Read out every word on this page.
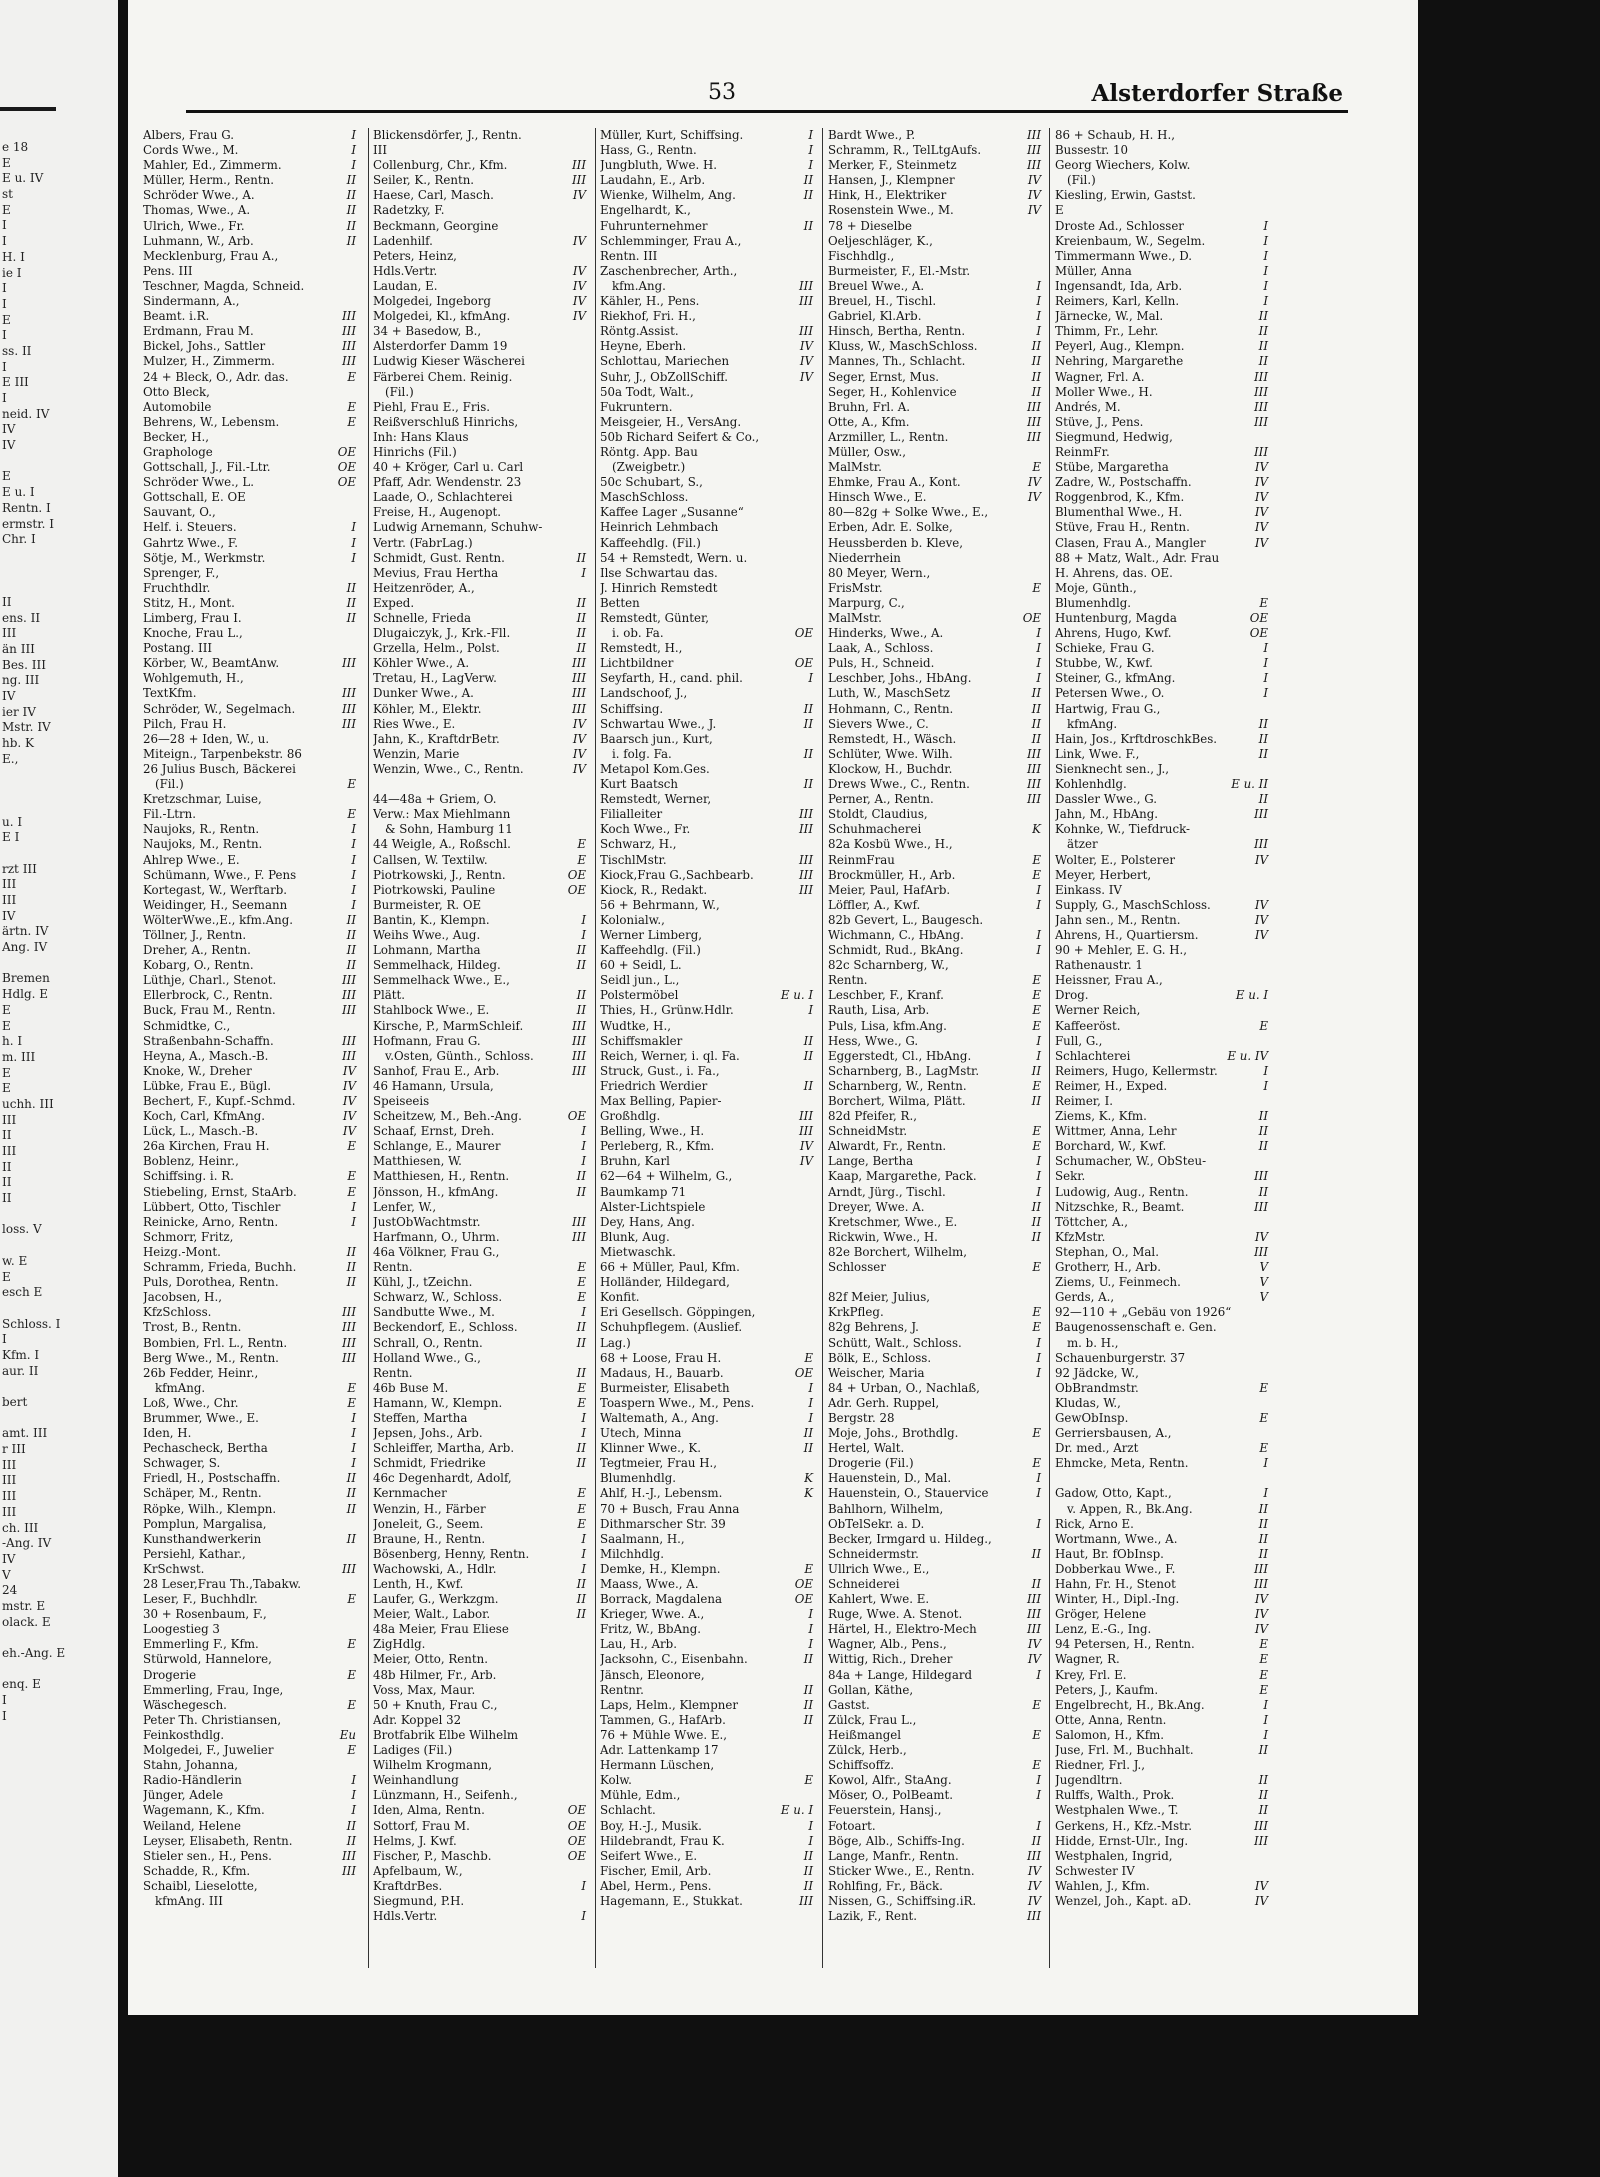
e 18
E
E u. IV
st
E
I
I
H. I
ie I
I
I
E
I
ss. II
I
E III
I
neid. IV
IV
IV
E
E u. I
Rentn. I
ermstr. I
Chr. I
II
ens. II
III
än III
Bes. III
ng. III
IV
ier IV
Mstr. IV
hb. K
E.,
u. I
E I
rzt III
III
III
IV
ärtn. IV
Ang. IV
Bremen
Hdlg. E
E
E
h. I
m. III
E
E
uchh. III
III
II
III
II
II
II
loss. V
w. E
E
esch E
Schloss. I
I
Kfm. I
aur. II
bert
amt. III
r III
III
III
III
III
ch. III
-Ang. IV
IV
V
24
mstr. E
olack. E
eh.-Ang. E
enq. E
I
I
53	Alsterdorfer Straße
Albers, Frau G.	I
Cords Wwe., M.	I
Mahler, Ed., Zimmerm.	I
Müller, Herm., Rentn.	II
Schröder Wwe., A.	II
Thomas, Wwe., A.	II
Ulrich, Wwe., Fr.	II
Luhmann, W., Arb.	II
Mecklenburg, Frau A.,
Pens. III
Teschner, Magda, Schneid.
Sindermann, A.,
Beamt. i.R.	III
Erdmann, Frau M.	III
Bickel, Johs., Sattler	III
Mulzer, H., Zimmerm.	III
24 + Bleck, O., Adr. das.	E
Otto Bleck,
Automobile	E
Behrens, W., Lebensm.	E
Becker, H.,
Graphologe	OE
Gottschall, J., Fil.-Ltr.	OE
Schröder Wwe., L.	OE
Gottschall, E. OE
Sauvant, O.,
Helf. i. Steuers.	I
Gahrtz Wwe., F.	I
Sötje, M., Werkmstr.	I
Sprenger, F.,
Fruchthdlr.	II
Stitz, H., Mont.	II
Limberg, Frau I.	II
Knoche, Frau L.,
Postang. III
Körber, W., BeamtAnw.	III
Wohlgemuth, H.,
TextKfm.	III
Schröder, W., Segelmach.	III
Pilch, Frau H.	III
26—28 + Iden, W., u.
Miteign., Tarpenbekstr. 86
26 Julius Busch, Bäckerei
(Fil.)	E
Kretzschmar, Luise,
Fil.-Ltrn.	E
Naujoks, R., Rentn.	I
Naujoks, M., Rentn.	I
Ahlrep Wwe., E.	I
Schümann, Wwe., F. Pens	I
Kortegast, W., Werftarb.	I
Weidinger, H., Seemann	I
WölterWwe.,E., kfm.Ang.	II
Töllner, J., Rentn.	II
Dreher, A., Rentn.	II
Kobarg, O., Rentn.	II
Lüthje, Charl., Stenot.	III
Ellerbrock, C., Rentn.	III
Buck, Frau M., Rentn.	III
Schmidtke, C.,
Straßenbahn-Schaffn.	III
Heyna, A., Masch.-B.	III
Knoke, W., Dreher	IV
Lübke, Frau E., Bügl.	IV
Bechert, F., Kupf.-Schmd.	IV
Koch, Carl, KfmAng.	IV
Lück, L., Masch.-B.	IV
26a Kirchen, Frau H.	E
Boblenz, Heinr.,
Schiffsing. i. R.	E
Stiebeling, Ernst, StaArb.	E
Lübbert, Otto, Tischler	I
Reinicke, Arno, Rentn.	I
Schmorr, Fritz,
Heizg.-Mont.	II
Schramm, Frieda, Buchh.	II
Puls, Dorothea, Rentn.	II
Jacobsen, H.,
KfzSchloss.	III
Trost, B., Rentn.	III
Bombien, Frl. L., Rentn.	III
Berg Wwe., M., Rentn.	III
26b Fedder, Heinr.,
kfmAng.	E
Loß, Wwe., Chr.	E
Brummer, Wwe., E.	I
Iden, H.	I
Pechascheck, Bertha	I
Schwager, S.	I
Friedl, H., Postschaffn.	II
Schäper, M., Rentn.	II
Röpke, Wilh., Klempn.	II
Pomplun, Margalisa,
Kunsthandwerkerin	II
Persiehl, Kathar.,
KrSchwst.	III
28 Leser,Frau Th.,Tabakw.
Leser, F., Buchhdlr.	E
30 + Rosenbaum, F.,
Loogestieg 3
Emmerling F., Kfm.	E
Stürwold, Hannelore,
Drogerie	E
Emmerling, Frau, Inge,
Wäschegesch.	E
Peter Th. Christiansen,
Feinkosthdlg.	Eu
Molgedei, F., Juwelier	E
Stahn, Johanna,
Radio-Händlerin	I
Jünger, Adele	I
Wagemann, K., Kfm.	I
Weiland, Helene	II
Leyser, Elisabeth, Rentn.	II
Stieler sen., H., Pens.	III
Schadde, R., Kfm.	III
Schaibl, Lieselotte,
kfmAng. III
Blickensdörfer, J., Rentn.
III
Collenburg, Chr., Kfm.	III
Seiler, K., Rentn.	III
Haese, Carl, Masch.	IV
Radetzky, F.
Beckmann, Georgine
Ladenhilf.	IV
Peters, Heinz,
Hdls.Vertr.	IV
Laudan, E.	IV
Molgedei, Ingeborg	IV
Molgedei, Kl., kfmAng.	IV
34 + Basedow, B.,
Alsterdorfer Damm 19
Ludwig Kieser Wäscherei
Färberei Chem. Reinig.
(Fil.)
Piehl, Frau E., Fris.
Reißverschluß Hinrichs,
Inh: Hans Klaus
Hinrichs (Fil.)
40 + Kröger, Carl u. Carl
Pfaff, Adr. Wendenstr. 23
Laade, O., Schlachterei
Freise, H., Augenopt.
Ludwig Arnemann, Schuhw-
Vertr. (FabrLag.)
Schmidt, Gust. Rentn.	II
Mevius, Frau Hertha	I
Heitzenröder, A.,
Exped.	II
Schnelle, Frieda	II
Dlugaiczyk, J., Krk.-Fll.	II
Grzella, Helm., Polst.	II
Köhler Wwe., A.	III
Tretau, H., LagVerw.	III
Dunker Wwe., A.	III
Köhler, M., Elektr.	III
Ries Wwe., E.	IV
Jahn, K., KraftdrBetr.	IV
Wenzin, Marie	IV
Wenzin, Wwe., C., Rentn.	IV
44—48a + Griem, O.
Verw.: Max Miehlmann
& Sohn, Hamburg 11
44 Weigle, A., Roßschl.	E
Callsen, W. Textilw.	E
Piotrkowski, J., Rentn.	OE
Piotrkowski, Pauline	OE
Burmeister, R. OE
Bantin, K., Klempn.	I
Weihs Wwe., Aug.	I
Lohmann, Martha	II
Semmelhack, Hildeg.	II
Semmelhack Wwe., E.,
Plätt.	II
Stahlbock Wwe., E.	II
Kirsche, P., MarmSchleif.	III
Hofmann, Frau G.	III
v.Osten, Günth., Schloss.	III
Sanhof, Frau E., Arb.	III
46 Hamann, Ursula,
Speiseeis
Scheitzew, M., Beh.-Ang.	OE
Schaaf, Ernst, Dreh.	I
Schlange, E., Maurer	I
Matthiesen, W.	I
Matthiesen, H., Rentn.	II
Jönsson, H., kfmAng.	II
Lenfer, W.,
JustObWachtmstr.	III
Harfmann, O., Uhrm.	III
46a Völkner, Frau G.,
Rentn.	E
Kühl, J., tZeichn.	E
Schwarz, W., Schloss.	E
Sandbutte Wwe., M.	I
Beckendorf, E., Schloss.	II
Schrall, O., Rentn.	II
Holland Wwe., G.,
Rentn.	II
46b Buse M.	E
Hamann, W., Klempn.	E
Steffen, Martha	I
Jepsen, Johs., Arb.	I
Schleiffer, Martha, Arb.	II
Schmidt, Friedrike	II
46c Degenhardt, Adolf,
Kernmacher	E
Wenzin, H., Färber	E
Joneleit, G., Seem.	E
Braune, H., Rentn.	I
Bösenberg, Henny, Rentn.	I
Wachowski, A., Hdlr.	I
Lenth, H., Kwf.	II
Laufer, G., Werkzgm.	II
Meier, Walt., Labor.	II
48a Meier, Frau Eliese
ZigHdlg.
Meier, Otto, Rentn.
48b Hilmer, Fr., Arb.
Voss, Max, Maur.
50 + Knuth, Frau C.,
Adr. Koppel 32
Brotfabrik Elbe Wilhelm
Ladiges (Fil.)
Wilhelm Krogmann,
Weinhandlung
Lünzmann, H., Seifenh.,
Iden, Alma, Rentn.	OE
Sottorf, Frau M.	OE
Helms, J. Kwf.	OE
Fischer, P., Maschb.	OE
Apfelbaum, W.,
KraftdrBes.	I
Siegmund, P.H.
Hdls.Vertr.	I
Müller, Kurt, Schiffsing.	I
Hass, G., Rentn.	I
Jungbluth, Wwe. H.	I
Laudahn, E., Arb.	II
Wienke, Wilhelm, Ang.	II
Engelhardt, K.,
Fuhrunternehmer	II
Schlemminger, Frau A.,
Rentn. III
Zaschenbrecher, Arth.,
kfm.Ang.	III
Kähler, H., Pens.	III
Riekhof, Fri. H.,
Röntg.Assist.	III
Heyne, Eberh.	IV
Schlottau, Mariechen	IV
Suhr, J., ObZollSchiff.	IV
50a Todt, Walt.,
Fukruntern.
Meisgeier, H., VersAng.
50b Richard Seifert & Co.,
Röntg. App. Bau
(Zweigbetr.)
50c Schubart, S.,
MaschSchloss.
Kaffee Lager „Susanne“
Heinrich Lehmbach
Kaffeehdlg. (Fil.)
54 + Remstedt, Wern. u.
Ilse Schwartau das.
J. Hinrich Remstedt
Betten
Remstedt, Günter,
i. ob. Fa.	OE
Remstedt, H.,
Lichtbildner	OE
Seyfarth, H., cand. phil.	I
Landschoof, J.,
Schiffsing.	II
Schwartau Wwe., J.	II
Baarsch jun., Kurt,
i. folg. Fa.	II
Metapol Kom.Ges.
Kurt Baatsch	II
Remstedt, Werner,
Filialleiter	III
Koch Wwe., Fr.	III
Schwarz, H.,
TischlMstr.	III
Kiock,Frau G.,Sachbearb.	III
Kiock, R., Redakt.	III
56 + Behrmann, W.,
Kolonialw.,
Werner Limberg,
Kaffeehdlg. (Fil.)
60 + Seidl, L.
Seidl jun., L.,
Polstermöbel	E u. I
Thies, H., Grünw.Hdlr.	I
Wudtke, H.,
Schiffsmakler	II
Reich, Werner, i. ql. Fa.	II
Struck, Gust., i. Fa.,
Friedrich Werdier	II
Max Belling, Papier-
Großhdlg.	III
Belling, Wwe., H.	III
Perleberg, R., Kfm.	IV
Bruhn, Karl	IV
62—64 + Wilhelm, G.,
Baumkamp 71
Alster-Lichtspiele
Dey, Hans, Ang.
Blunk, Aug.
Mietwaschk.
66 + Müller, Paul, Kfm.
Holländer, Hildegard,
Konfit.
Eri Gesellsch. Göppingen,
Schuhpflegem. (Auslief.
Lag.)
68 + Loose, Frau H.	E
Madaus, H., Bauarb.	OE
Burmeister, Elisabeth	I
Toaspern Wwe., M., Pens.	I
Waltemath, A., Ang.	I
Utech, Minna	II
Klinner Wwe., K.	II
Tegtmeier, Frau H.,
Blumenhdlg.	K
Ahlf, H.-J., Lebensm.	K
70 + Busch, Frau Anna
Dithmarscher Str. 39
Saalmann, H.,
Milchhdlg.
Demke, H., Klempn.	E
Maass, Wwe., A.	OE
Borrack, Magdalena	OE
Krieger, Wwe. A.,	I
Fritz, W., BbAng.	I
Lau, H., Arb.	I
Jacksohn, C., Eisenbahn.	II
Jänsch, Eleonore,
Rentnr.	II
Laps, Helm., Klempner	II
Tammen, G., HafArb.	II
76 + Mühle Wwe. E.,
Adr. Lattenkamp 17
Hermann Lüschen,
Kolw.	E
Mühle, Edm.,
Schlacht.	E u. I
Boy, H.-J., Musik.	I
Hildebrandt, Frau K.	I
Seifert Wwe., E.	II
Fischer, Emil, Arb.	II
Abel, Herm., Pens.	II
Hagemann, E., Stukkat.	III
Bardt Wwe., P.	III
Schramm, R., TelLtgAufs.	III
Merker, F., Steinmetz	III
Hansen, J., Klempner	IV
Hink, H., Elektriker	IV
Rosenstein Wwe., M.	IV
78 + Dieselbe
Oeljeschläger, K.,
Fischhdlg.,
Burmeister, F., El.-Mstr.
Breuel Wwe., A.	I
Breuel, H., Tischl.	I
Gabriel, Kl.Arb.	I
Hinsch, Bertha, Rentn.	I
Kluss, W., MaschSchloss.	II
Mannes, Th., Schlacht.	II
Seger, Ernst, Mus.	II
Seger, H., Kohlenvice	II
Bruhn, Frl. A.	III
Otte, A., Kfm.	III
Arzmiller, L., Rentn.	III
Müller, Osw.,
MalMstr.	E
Ehmke, Frau A., Kont.	IV
Hinsch Wwe., E.	IV
80—82g + Solke Wwe., E.,
Erben, Adr. E. Solke,
Heussberden b. Kleve,
Niederrhein
80 Meyer, Wern.,
FrisMstr.	E
Marpurg, C.,
MalMstr.	OE
Hinderks, Wwe., A.	I
Laak, A., Schloss.	I
Puls, H., Schneid.	I
Leschber, Johs., HbAng.	I
Luth, W., MaschSetz	II
Hohmann, C., Rentn.	II
Sievers Wwe., C.	II
Remstedt, H., Wäsch.	II
Schlüter, Wwe. Wilh.	III
Klockow, H., Buchdr.	III
Drews Wwe., C., Rentn.	III
Perner, A., Rentn.	III
Stoldt, Claudius,
Schuhmacherei	K
82a Kosbü Wwe., H.,
ReinmFrau	E
Brockmüller, H., Arb.	E
Meier, Paul, HafArb.	I
Löffler, A., Kwf.	I
82b Gevert, L., Baugesch.
Wichmann, C., HbAng.	I
Schmidt, Rud., BkAng.	I
82c Scharnberg, W.,
Rentn.	E
Leschber, F., Kranf.	E
Rauth, Lisa, Arb.	E
Puls, Lisa, kfm.Ang.	E
Hess, Wwe., G.	I
Eggerstedt, Cl., HbAng.	I
Scharnberg, B., LagMstr.	II
Scharnberg, W., Rentn.	E
Borchert, Wilma, Plätt.	II
82d Pfeifer, R.,
SchneidMstr.	E
Alwardt, Fr., Rentn.	E
Lange, Bertha	I
Kaap, Margarethe, Pack.	I
Arndt, Jürg., Tischl.	I
Dreyer, Wwe. A.	II
Kretschmer, Wwe., E.	II
Rickwin, Wwe., H.	II
82e Borchert, Wilhelm,
Schlosser	E
82f Meier, Julius,
KrkPfleg.	E
82g Behrens, J.	E
Schütt, Walt., Schloss.	I
Bölk, E., Schloss.	I
Weischer, Maria	I
84 + Urban, O., Nachlaß,
Adr. Gerh. Ruppel,
Bergstr. 28
Moje, Johs., Brothdlg.	E
Hertel, Walt.
Drogerie (Fil.)	E
Hauenstein, D., Mal.	I
Hauenstein, O., Stauervice	I
Bahlhorn, Wilhelm,
ObTelSekr. a. D.	I
Becker, Irmgard u. Hildeg.,
Schneidermstr.	II
Ullrich Wwe., E.,
Schneiderei	II
Kahlert, Wwe. E.	III
Ruge, Wwe. A. Stenot.	III
Härtel, H., Elektro-Mech	III
Wagner, Alb., Pens.,	IV
Wittig, Rich., Dreher	IV
84a + Lange, Hildegard	I
Gollan, Käthe,
Gastst.	E
Zülck, Frau L.,
Heißmangel	E
Zülck, Herb.,
Schiffsoffz.	E
Kowol, Alfr., StaAng.	I
Möser, O., PolBeamt.	I
Feuerstein, Hansj.,
Fotoart.	I
Böge, Alb., Schiffs-Ing.	II
Lange, Manfr., Rentn.	III
Sticker Wwe., E., Rentn.	IV
Rohlfing, Fr., Bäck.	IV
Nissen, G., Schiffsing.iR.	IV
Lazik, F., Rent.	III
86 + Schaub, H. H.,
Bussestr. 10
Georg Wiechers, Kolw.
(Fil.)
Kiesling, Erwin, Gastst.
E
Droste Ad., Schlosser	I
Kreienbaum, W., Segelm.	I
Timmermann Wwe., D.	I
Müller, Anna	I
Ingensandt, Ida, Arb.	I
Reimers, Karl, Kelln.	I
Järnecke, W., Mal.	II
Thimm, Fr., Lehr.	II
Peyerl, Aug., Klempn.	II
Nehring, Margarethe	II
Wagner, Frl. A.	III
Moller Wwe., H.	III
Andrés, M.	III
Stüve, J., Pens.	III
Siegmund, Hedwig,
ReinmFr.	III
Stübe, Margaretha	IV
Zadre, W., Postschaffn.	IV
Roggenbrod, K., Kfm.	IV
Blumenthal Wwe., H.	IV
Stüve, Frau H., Rentn.	IV
Clasen, Frau A., Mangler	IV
88 + Matz, Walt., Adr. Frau
H. Ahrens, das. OE.
Moje, Günth.,
Blumenhdlg.	E
Huntenburg, Magda	OE
Ahrens, Hugo, Kwf.	OE
Schieke, Frau G.	I
Stubbe, W., Kwf.	I
Steiner, G., kfmAng.	I
Petersen Wwe., O.	I
Hartwig, Frau G.,
kfmAng.	II
Hain, Jos., KrftdroschkBes.	II
Link, Wwe. F.,	II
Sienknecht sen., J.,
Kohlenhdlg.	E u. II
Dassler Wwe., G.	II
Jahn, M., HbAng.	III
Kohnke, W., Tiefdruck-
ätzer	III
Wolter, E., Polsterer	IV
Meyer, Herbert,
Einkass. IV
Supply, G., MaschSchloss.	IV
Jahn sen., M., Rentn.	IV
Ahrens, H., Quartiersm.	IV
90 + Mehler, E. G. H.,
Rathenaustr. 1
Heissner, Frau A.,
Drog.	E u. I
Werner Reich,
Kaffeeröst.	E
Full, G.,
Schlachterei	E u. IV
Reimers, Hugo, Kellermstr.	I
Reimer, H., Exped.	I
Reimer, I.
Ziems, K., Kfm.	II
Wittmer, Anna, Lehr	II
Borchard, W., Kwf.	II
Schumacher, W., ObSteu-
Sekr.	III
Ludowig, Aug., Rentn.	II
Nitzschke, R., Beamt.	III
Töttcher, A.,
KfzMstr.	IV
Stephan, O., Mal.	III
Grotherr, H., Arb.	V
Ziems, U., Feinmech.	V
Gerds, A.,	V
92—110 + „Gebäu von 1926“
Baugenossenschaft e. Gen.
m. b. H.,
Schauenburgerstr. 37
92 Jädcke, W.,
ObBrandmstr.	E
Kludas, W.,
GewObInsp.	E
Gerriersbausen, A.,
Dr. med., Arzt	E
Ehmcke, Meta, Rentn.	I
Gadow, Otto, Kapt.,	I
v. Appen, R., Bk.Ang.	II
Rick, Arno E.	II
Wortmann, Wwe., A.	II
Haut, Br. fObInsp.	II
Dobberkau Wwe., F.	III
Hahn, Fr. H., Stenot	III
Winter, H., Dipl.-Ing.	IV
Gröger, Helene	IV
Lenz, E.-G., Ing.	IV
94 Petersen, H., Rentn.	E
Wagner, R.	E
Krey, Frl. E.	E
Peters, J., Kaufm.	E
Engelbrecht, H., Bk.Ang.	I
Otte, Anna, Rentn.	I
Salomon, H., Kfm.	I
Juse, Frl. M., Buchhalt.	II
Riedner, Frl. J.,
Jugendltrn.	II
Rulffs, Walth., Prok.	II
Westphalen Wwe., T.	II
Gerkens, H., Kfz.-Mstr.	III
Hidde, Ernst-Ulr., Ing.	III
Westphalen, Ingrid,
Schwester IV
Wahlen, J., Kfm.	IV
Wenzel, Joh., Kapt. aD.	IV
